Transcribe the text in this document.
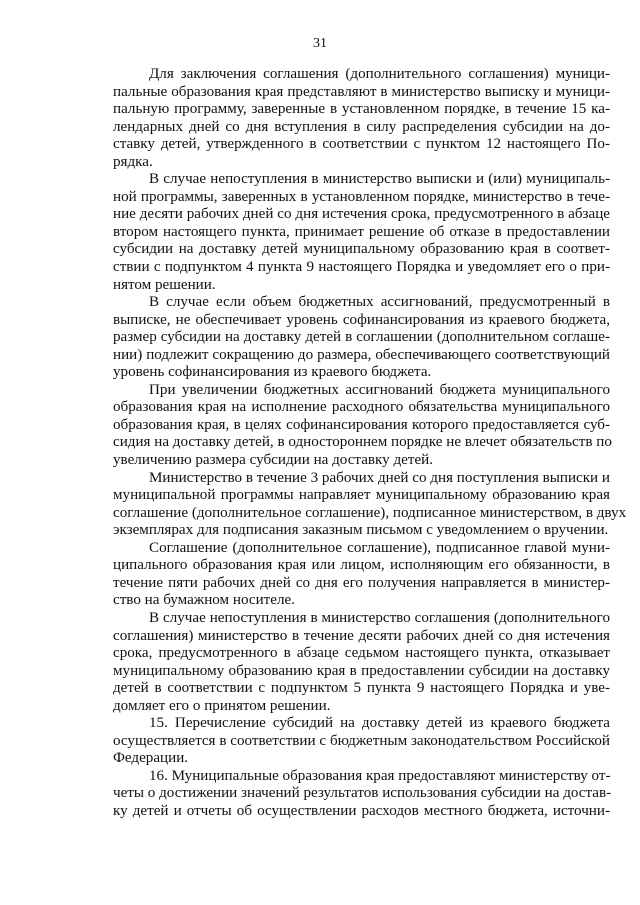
31
Для заключения соглашения (дополнительного соглашения) муници-
пальные образования края представляют в министерство выписку и муници-
пальную программу, заверенные в установленном порядке, в течение 15 ка-
лендарных дней со дня вступления в силу распределения субсидии на до-
ставку детей, утвержденного в соответствии с пунктом 12 настоящего По-
рядка.
В случае непоступления в министерство выписки и (или) муниципаль-
ной программы, заверенных в установленном порядке, министерство в тече-
ние десяти рабочих дней со дня истечения срока, предусмотренного в абзаце
втором настоящего пункта, принимает решение об отказе в предоставлении
субсидии на доставку детей муниципальному образованию края в соответ-
ствии с подпунктом 4 пункта 9 настоящего Порядка и уведомляет его о при-
нятом решении.
В случае если объем бюджетных ассигнований, предусмотренный в
выписке, не обеспечивает уровень софинансирования из краевого бюджета,
размер субсидии на доставку детей в соглашении (дополнительном соглаше-
нии) подлежит сокращению до размера, обеспечивающего соответствующий
уровень софинансирования из краевого бюджета.
При увеличении бюджетных ассигнований бюджета муниципального
образования края на исполнение расходного обязательства муниципального
образования края, в целях софинансирования которого предоставляется суб-
сидия на доставку детей, в одностороннем порядке не влечет обязательств по
увеличению размера субсидии на доставку детей.
Министерство в течение 3 рабочих дней со дня поступления выписки и
муниципальной программы направляет муниципальному образованию края
соглашение (дополнительное соглашение), подписанное министерством, в двух
экземплярах для подписания заказным письмом с уведомлением о вручении.
Соглашение (дополнительное соглашение), подписанное главой муни-
ципального образования края или лицом, исполняющим его обязанности, в
течение пяти рабочих дней со дня его получения направляется в министер-
ство на бумажном носителе.
В случае непоступления в министерство соглашения (дополнительного
соглашения) министерство в течение десяти рабочих дней со дня истечения
срока, предусмотренного в абзаце седьмом настоящего пункта, отказывает
муниципальному образованию края в предоставлении субсидии на доставку
детей в соответствии с подпунктом 5 пункта 9 настоящего Порядка и уве-
домляет его о принятом решении.
15. Перечисление субсидий на доставку детей из краевого бюджета
осуществляется в соответствии с бюджетным законодательством Российской
Федерации.
16. Муниципальные образования края предоставляют министерству от-
четы о достижении значений результатов использования субсидии на достав-
ку детей и отчеты об осуществлении расходов местного бюджета, источни-
